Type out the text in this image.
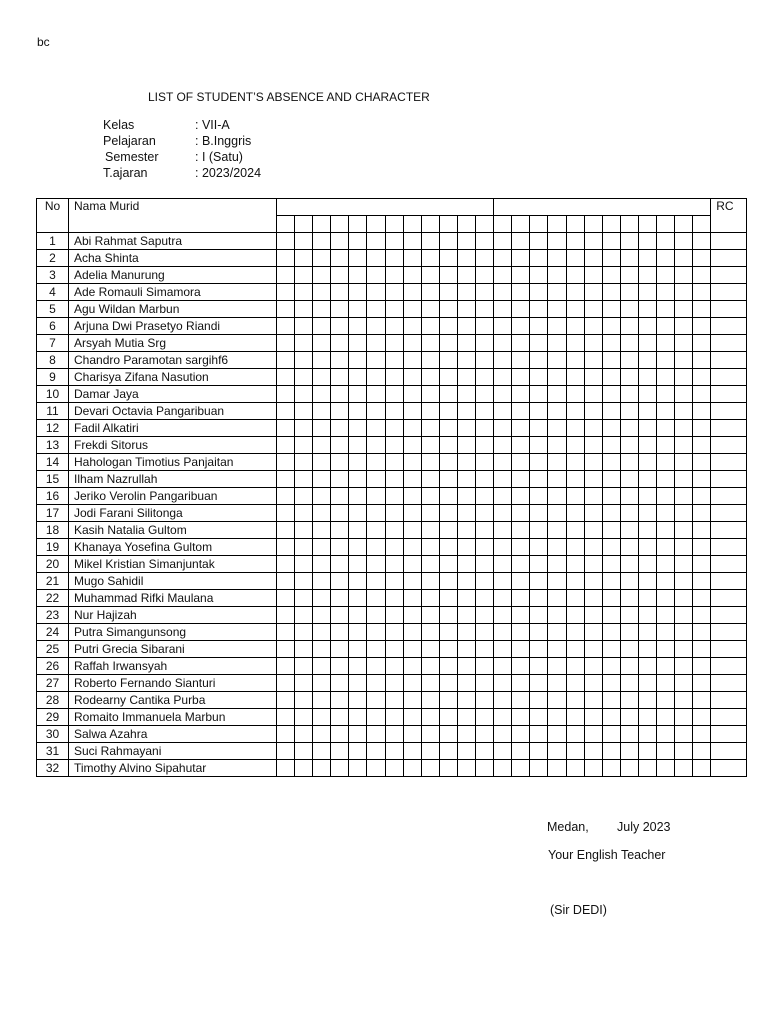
bc
LIST OF STUDENT’S ABSENCE AND CHARACTER
Kelas	: VII-A
Pelajaran	: B.Inggris
Semester	: I (Satu)
T.ajaran	: 2023/2024
No	Nama Murid																									RC

1	Abi Rahmat Saputra																									
2	Acha Shinta																									
3	Adelia Manurung																									
4	Ade Romauli Simamora																									
5	Agu Wildan Marbun																									
6	Arjuna Dwi Prasetyo Riandi																									
7	Arsyah Mutia Srg																									
8	Chandro Paramotan sargihf6																									
9	Charisya Zifana Nasution																									
10	Damar Jaya																									
11	Devari Octavia Pangaribuan																									
12	Fadil Alkatiri																									
13	Frekdi Sitorus																									
14	Hahologan Timotius Panjaitan																									
15	Ilham Nazrullah																									
16	Jeriko Verolin Pangaribuan																									
17	Jodi Farani Silitonga																									
18	Kasih Natalia Gultom																									
19	Khanaya Yosefina Gultom																									
20	Mikel Kristian Simanjuntak																									
21	Mugo Sahidil																									
22	Muhammad Rifki Maulana																									
23	Nur Hajizah																									
24	Putra Simangunsong																									
25	Putri Grecia Sibarani																									
26	Raffah Irwansyah																									
27	Roberto Fernando Sianturi																									
28	Rodearny Cantika Purba																									
29	Romaito Immanuela Marbun																									
30	Salwa Azahra																									
31	Suci Rahmayani																									
32	Timothy Alvino Sipahutar																									
Medan, July 2023
Your English Teacher
(Sir DEDI)
